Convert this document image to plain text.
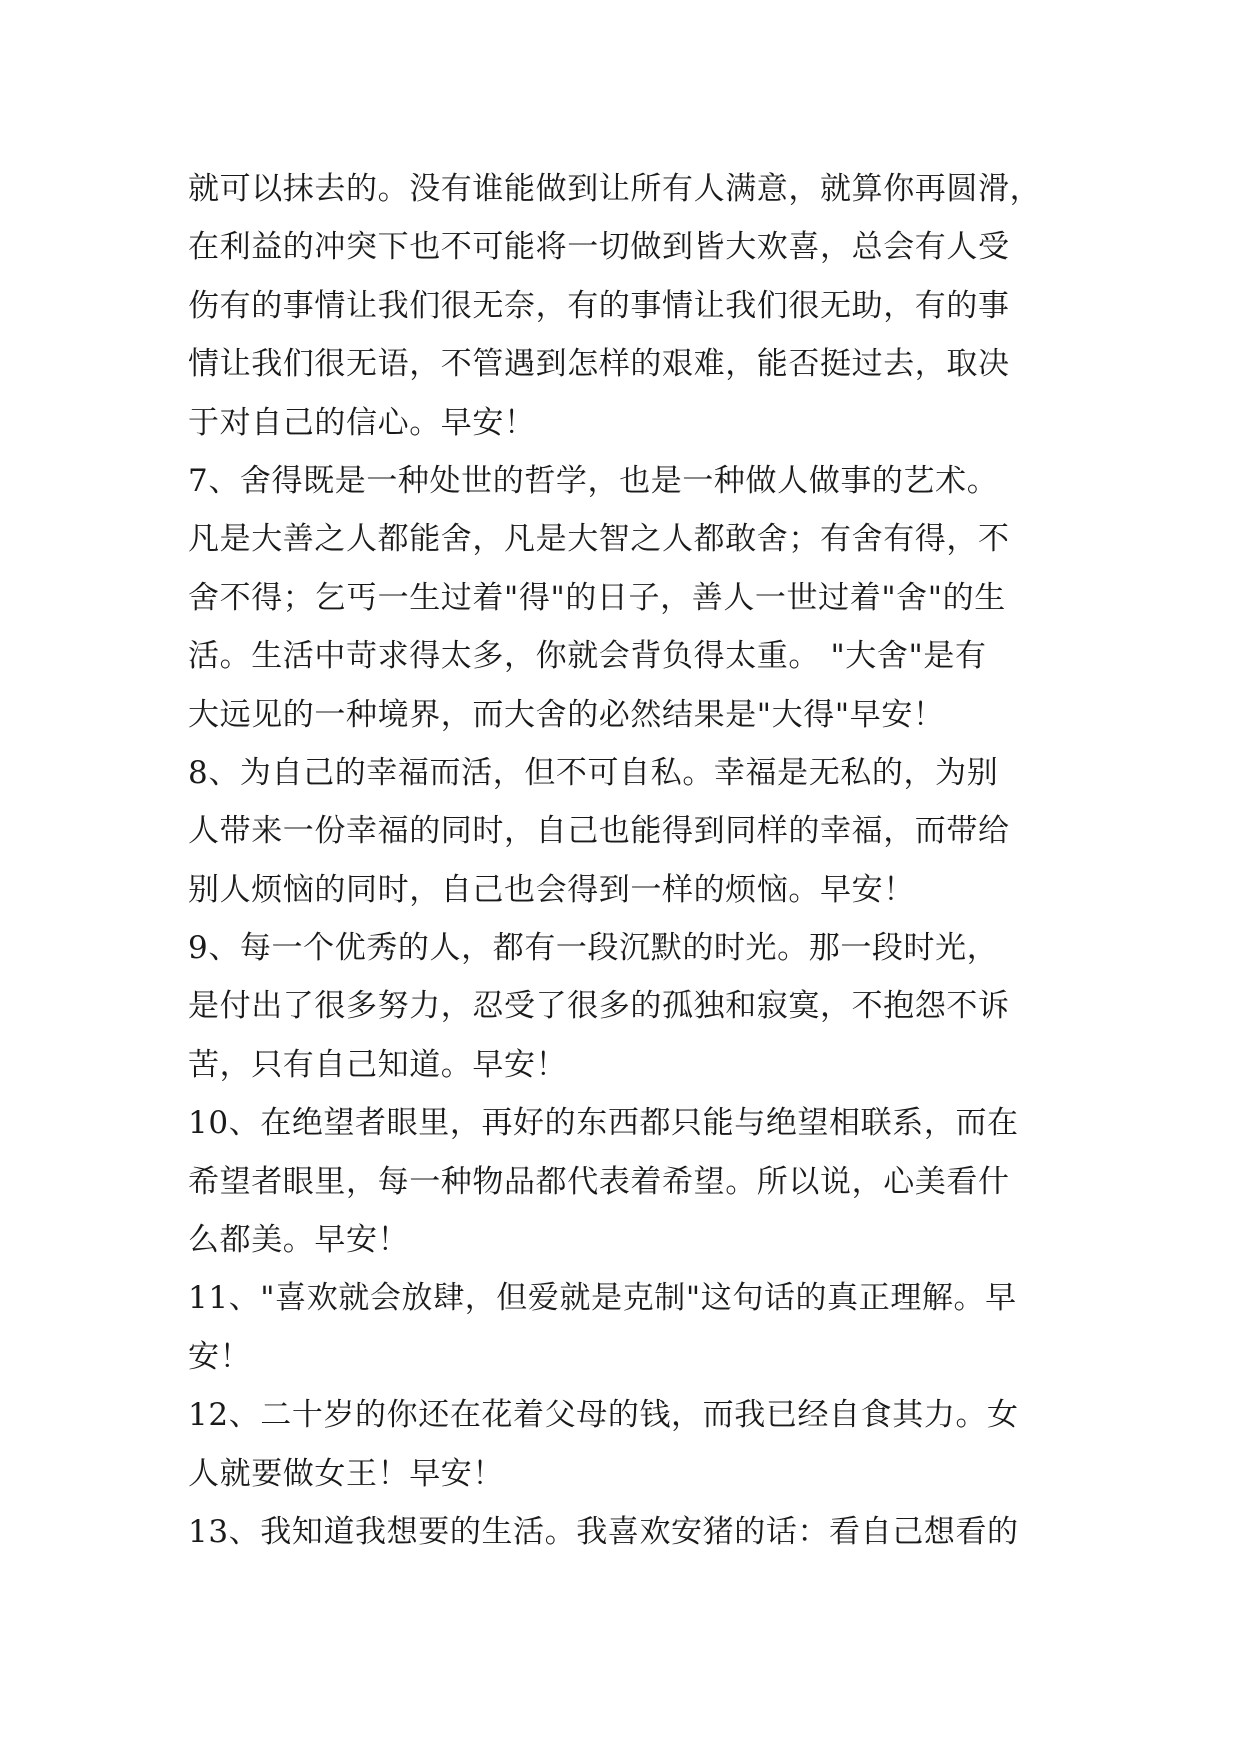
就可以抹去的。没有谁能做到让所有人满意，就算你再圆滑，
在利益的冲突下也不可能将一切做到皆大欢喜，总会有人受
伤有的事情让我们很无奈，有的事情让我们很无助，有的事
情让我们很无语，不管遇到怎样的艰难，能否挺过去，取决
于对自己的信心。早安！
7、舍得既是一种处世的哲学，也是一种做人做事的艺术。
凡是大善之人都能舍，凡是大智之人都敢舍；有舍有得，不
舍不得；乞丐一生过着"得"的日子，善人一世过着"舍"的生
活。生活中苛求得太多，你就会背负得太重。 "大舍"是有
大远见的一种境界，而大舍的必然结果是"大得"早安！
8、为自己的幸福而活，但不可自私。幸福是无私的，为别
人带来一份幸福的同时，自己也能得到同样的幸福，而带给
别人烦恼的同时，自己也会得到一样的烦恼。早安！
9、每一个优秀的人，都有一段沉默的时光。那一段时光，
是付出了很多努力，忍受了很多的孤独和寂寞，不抱怨不诉
苦，只有自己知道。早安！
10、在绝望者眼里，再好的东西都只能与绝望相联系，而在
希望者眼里，每一种物品都代表着希望。所以说，心美看什
么都美。早安！
11、"喜欢就会放肆，但爱就是克制"这句话的真正理解。早
安！
12、二十岁的你还在花着父母的钱，而我已经自食其力。女
人就要做女王！早安！
13、我知道我想要的生活。我喜欢安猪的话：看自己想看的
